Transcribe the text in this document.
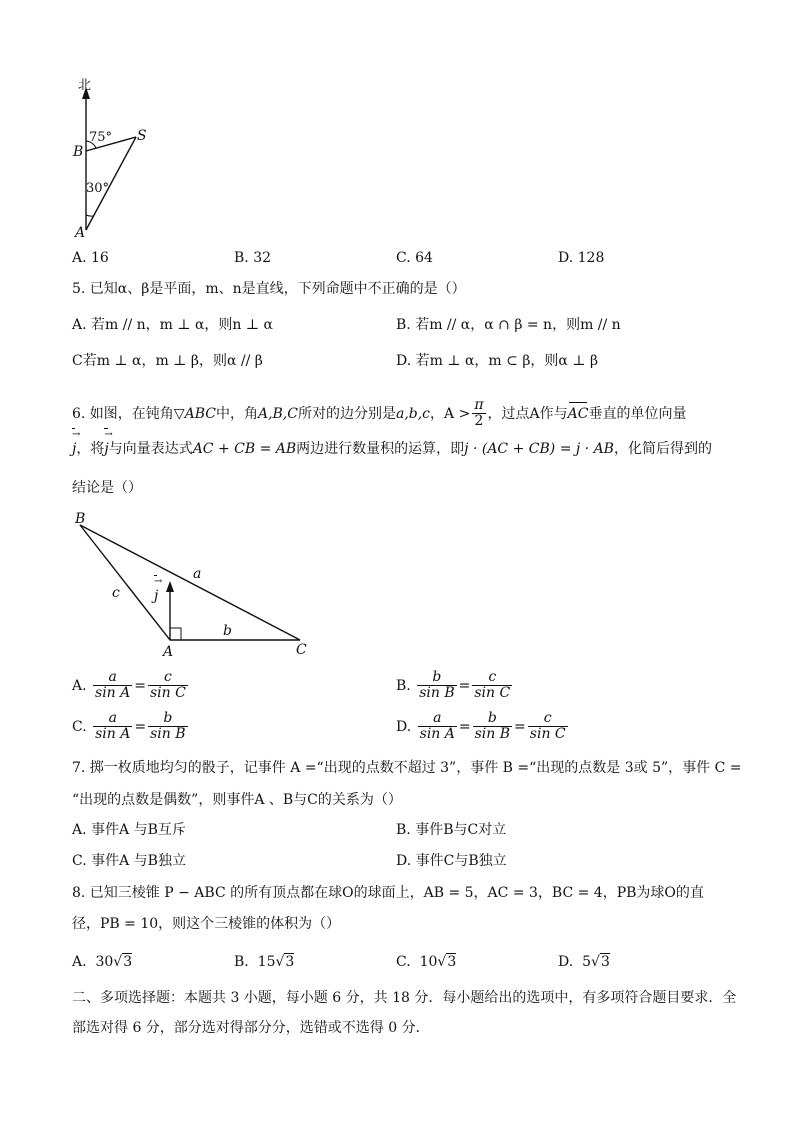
北
75°
B
S
30°
A
A. 16	B. 32	C. 64	D. 128
5. 已知α、β是平面，m、n是直线，下列命题中不正确的是（）
A. 若m // n，m ⊥ α，则n ⊥ α	B. 若m // α，α ∩ β = n，则m // n
C若m ⊥ α，m ⊥ β，则α // β	D. 若m ⊥ α，m ⊂ β，则α ⊥ β
6. 如图，在钝角▽ABC中，角A,B,C所对的边分别是a,b,c，$A > \frac{\pi}{2}$ ，过点A作与AC垂直的单位向量
→ j，将→ j与向量表达式AC + CB = AB两边进行数量积的运算，即j · (AC + CB) = j · AB，化简后得到的
结论是（）
B
a
c
→ j
b
A	C
A. $\frac{a}{\text{sin A}} = \frac{c}{\text{sin C}}$	B. $\frac{b}{\text{sin B}} = \frac{c}{\text{sin C}}$
C. $\frac{a}{\text{sin A}} = \frac{b}{\text{sin B}}$	D. $\frac{a}{\text{sin A}} = \frac{b}{\text{sin B}} = \frac{c}{\text{sin C}}$
7. 掷一枚质地均匀的骰子，记事件 A =“出现的点数不超过 3”，事件 B =“出现的点数是 3或 5”，事件 C =
“出现的点数是偶数”，则事件A 、B与C的关系为（）
A. 事件A 与B互斥	B. 事件B与C对立
C. 事件A 与B独立	D. 事件C与B独立
8. 已知三棱锥 P − ABC 的所有顶点都在球O的球面上，AB = 5，AC = 3，BC = 4，PB为球O的直
径，PB = 10，则这个三棱锥的体积为（）
A. 30√3	B. 15√3	C. 10√3	D. 5√3
二、多项选择题：本题共 3 小题，每小题 6 分，共 18 分．每小题给出的选项中，有多项符合题目要求．全
部选对得 6 分，部分选对得部分分，选错或不选得 0 分．
